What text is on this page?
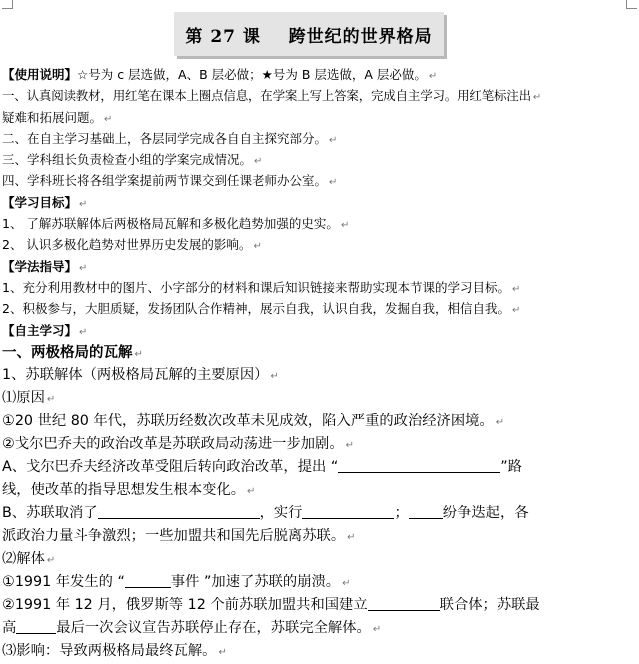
第 27 课    跨世纪的世界格局
【使用说明】☆号为 c 层选做，A、B 层必做；★号为 B 层选做，A 层必做。 ↵
一、认真阅读教材，用红笔在课本上圈点信息，在学案上写上答案，完成自主学习。用红笔标注出 ↵
疑难和拓展问题。 ↵
二、在自主学习基础上，各层同学完成各自自主探究部分。 ↵
三、学科组长负责检查小组的学案完成情况。 ↵
四、学科班长将各组学案提前两节课交到任课老师办公室。 ↵
【学习目标】 ↵
1、 了解苏联解体后两极格局瓦解和多极化趋势加强的史实。 ↵
2、 认识多极化趋势对世界历史发展的影响。 ↵
【学法指导】 ↵
1、充分利用教材中的图片、小字部分的材料和课后知识链接来帮助实现本节课的学习目标。 ↵
2、积极参与，大胆质疑，发扬团队合作精神，展示自我，认识自我，发掘自我，相信自我。 ↵
【自主学习】 ↵
一、两极格局的瓦解 ↵
1、苏联解体（两极格局瓦解的主要原因） ↵
⑴原因 ↵
①20 世纪 80 年代，苏联历经数次改革未见成效，陷入严重的政治经济困境。 ↵
②戈尔巴乔夫的政治改革是苏联政局动荡进一步加剧。 ↵
A、戈尔巴乔夫经济改革受阻后转向政治改革，提出 “	”路
线，使改革的指导思想发生根本变化。 ↵
B、苏联取消了	，实行	； 纷争迭起，各
派政治力量斗争激烈；一些加盟共和国先后脱离苏联。 ↵
⑵解体 ↵
①1991 年发生的 “	事件 ”加速了苏联的崩溃。 ↵
②1991 年 12 月，俄罗斯等 12 个前苏联加盟共和国建立	联合体；苏联最
高	最后一次会议宣告苏联停止存在，苏联完全解体。 ↵
⑶影响：导致两极格局最终瓦解。 ↵
